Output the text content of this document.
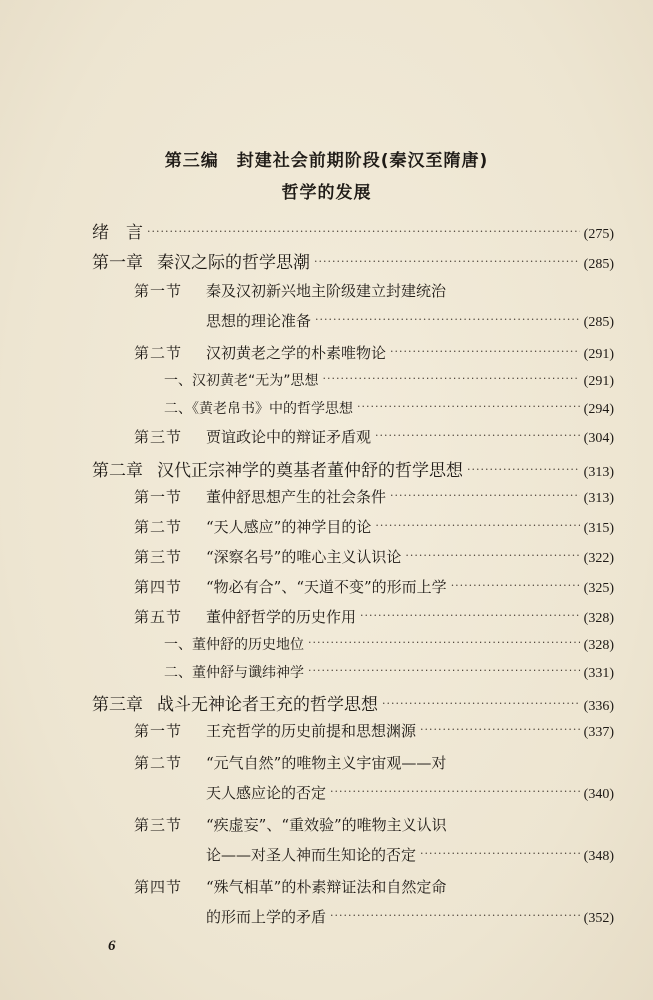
第三编　封建社会前期阶段(秦汉至隋唐)
哲学的发展
绪　言 ·····	(275)
第一章 秦汉之际的哲学思潮 ·····	(285)
第一节	秦及汉初新兴地主阶级建立封建统治
思想的理论准备 ·····	(285)
第二节	汉初黄老之学的朴素唯物论 ·····	(291)
一、汉初黄老“无为”思想 ·····	(291)
二、《黄老帛书》中的哲学思想 ·····	(294)
第三节	贾谊政论中的辩证矛盾观 ·····	(304)
第二章 汉代正宗神学的奠基者董仲舒的哲学思想 ·····	(313)
第一节	董仲舒思想产生的社会条件 ·····	(313)
第二节	“天人感应”的神学目的论 ·····	(315)
第三节	“深察名号”的唯心主义认识论 ·····	(322)
第四节	“物必有合”、“天道不变”的形而上学 ·····	(325)
第五节	董仲舒哲学的历史作用 ·····	(328)
一、董仲舒的历史地位 ·····	(328)
二、董仲舒与谶纬神学 ·····	(331)
第三章 战斗无神论者王充的哲学思想 ·····	(336)
第一节	王充哲学的历史前提和思想渊源 ·····	(337)
第二节	“元气自然”的唯物主义宇宙观——对
天人感应论的否定 ·····	(340)
第三节	“疾虚妄”、“重效验”的唯物主义认识
论——对圣人神而生知论的否定 ·····	(348)
第四节	“殊气相革”的朴素辩证法和自然定命
的形而上学的矛盾 ·····	(352)
6
